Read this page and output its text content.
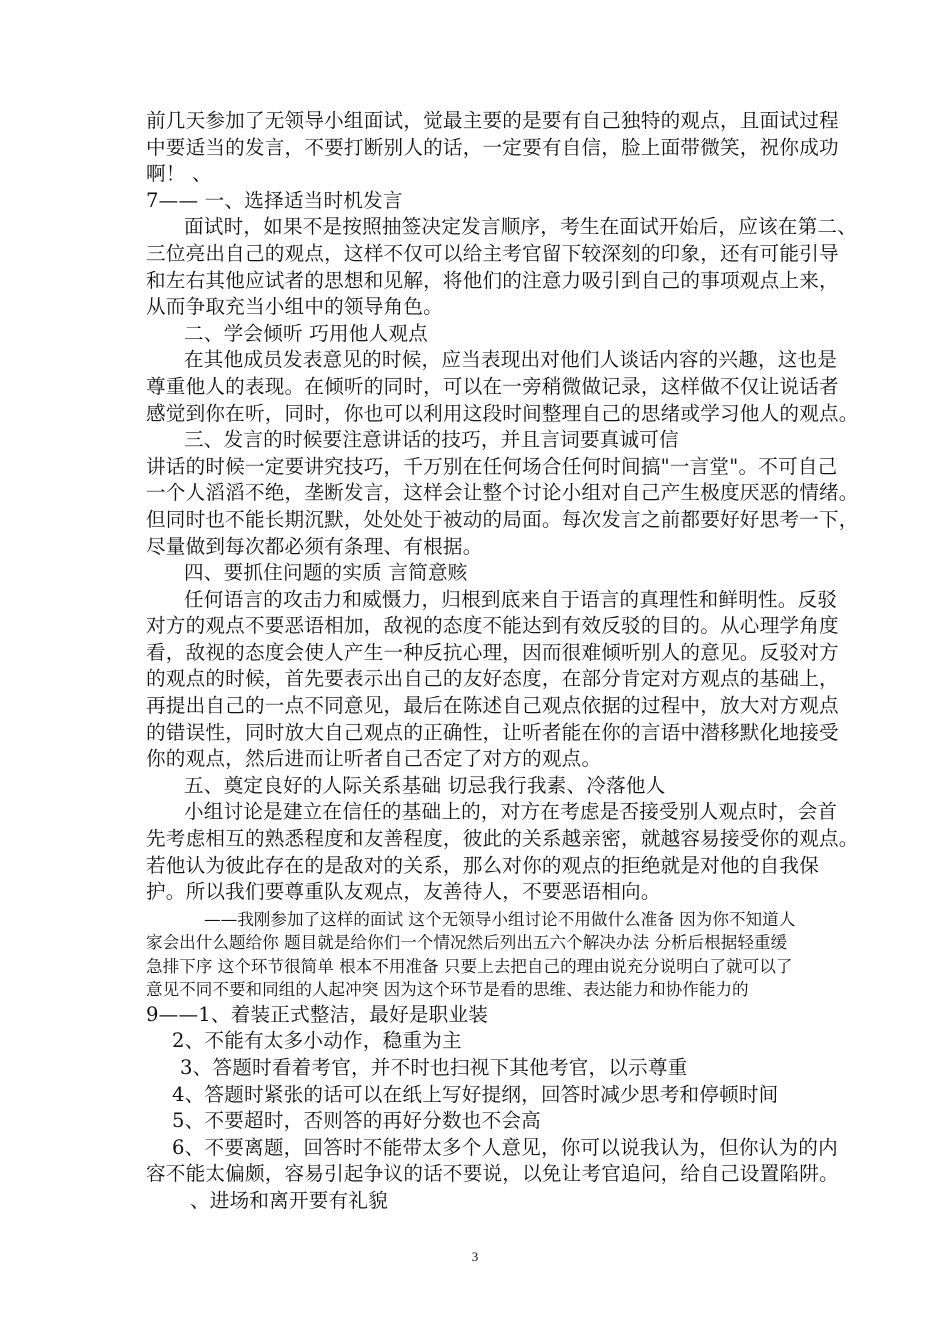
前几天参加了无领导小组面试，觉最主要的是要有自己独特的观点，且面试过程

中要适当的发言，不要打断别人的话，一定要有自信，脸上面带微笑，祝你成功

啊！ 、

7—— 一、选择适当时机发言

面试时，如果不是按照抽签决定发言顺序，考生在面试开始后，应该在第二、

三位亮出自己的观点，这样不仅可以给主考官留下较深刻的印象，还有可能引导

和左右其他应试者的思想和见解，将他们的注意力吸引到自己的事项观点上来，

从而争取充当小组中的领导角色。

二、学会倾听 巧用他人观点

在其他成员发表意见的时候，应当表现出对他们人谈话内容的兴趣，这也是

尊重他人的表现。在倾听的同时，可以在一旁稍微做记录，这样做不仅让说话者

感觉到你在听，同时，你也可以利用这段时间整理自己的思绪或学习他人的观点。

三、发言的时候要注意讲话的技巧，并且言词要真诚可信

讲话的时候一定要讲究技巧，千万别在任何场合任何时间搞"一言堂"。不可自己

一个人滔滔不绝，垄断发言，这样会让整个讨论小组对自己产生极度厌恶的情绪。

但同时也不能长期沉默，处处处于被动的局面。每次发言之前都要好好思考一下，

尽量做到每次都必须有条理、有根据。

四、要抓住问题的实质 言简意赅

任何语言的攻击力和威慑力，归根到底来自于语言的真理性和鲜明性。反驳

对方的观点不要恶语相加，敌视的态度不能达到有效反驳的目的。从心理学角度

看，敌视的态度会使人产生一种反抗心理，因而很难倾听别人的意见。反驳对方

的观点的时候，首先要表示出自己的友好态度，在部分肯定对方观点的基础上，

再提出自己的一点不同意见，最后在陈述自己观点依据的过程中，放大对方观点

的错误性，同时放大自己观点的正确性，让听者能在你的言语中潜移默化地接受

你的观点，然后进而让听者自己否定了对方的观点。

五、奠定良好的人际关系基础 切忌我行我素、冷落他人

小组讨论是建立在信任的基础上的，对方在考虑是否接受别人观点时，会首

先考虑相互的熟悉程度和友善程度，彼此的关系越亲密，就越容易接受你的观点。

若他认为彼此存在的是敌对的关系，那么对你的观点的拒绝就是对他的自我保

护。所以我们要尊重队友观点，友善待人，不要恶语相向。

——我刚参加了这样的面试 这个无领导小组讨论不用做什么准备 因为你不知道人

家会出什么题给你 题目就是给你们一个情况然后列出五六个解决办法 分析后根据轻重缓

急排下序 这个环节很简单 根本不用准备 只要上去把自己的理由说充分说明白了就可以了

意见不同不要和同组的人起冲突 因为这个环节是看的思维、表达能力和协作能力的

9——1、着装正式整洁，最好是职业装

2、不能有太多小动作，稳重为主

3、答题时看着考官，并不时也扫视下其他考官，以示尊重

4、答题时紧张的话可以在纸上写好提纲，回答时减少思考和停顿时间

5、不要超时，否则答的再好分数也不会高

6、不要离题，回答时不能带太多个人意见，你可以说我认为，但你认为的内

容不能太偏颇，容易引起争议的话不要说，以免让考官追问，给自己设置陷阱。

、进场和离开要有礼貌

3
